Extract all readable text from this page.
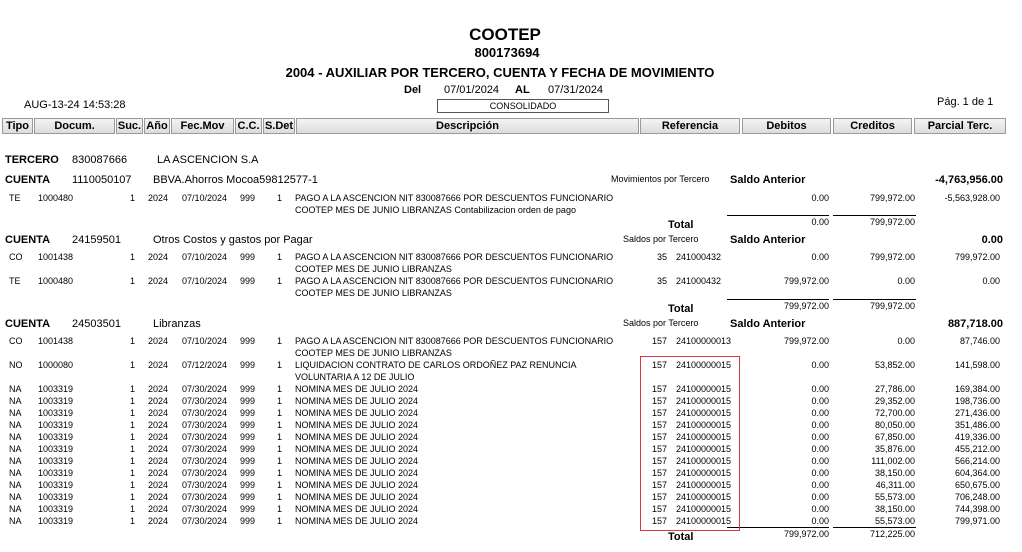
COOTEP
800173694
2004 - AUXILIAR POR TERCERO, CUENTA Y FECHA DE MOVIMIENTO
Del 07/01/2024 AL 07/31/2024
CONSOLIDADO
AUG-13-24 14:53:28	Pág. 1 de 1
Tipo	Docum.	Suc. Año	Fec.Mov	C.C. S.Det	Descripción	Referencia	Debitos	Creditos	Parcial Terc.
TERCERO 830087666	LA ASCENCION S.A
CUENTA 1110050107 BBVA.Ahorros Mocoa59812577-1	Movimientos por Tercero Saldo Anterior	-4,763,956.00
TE 1000480	1 2024 07/10/2024 999 1 PAGO A LA ASCENCION NIT 830087666 POR DESCUENTOS FUNCIONARIO
COOTEP MES DE JUNIO LIBRANZAS Contabilizacion orden de pago
0.00	799,972.00	-5,563,928.00
Total	0.00	799,972.00
CUENTA 24159501	Otros Costos y gastos por Pagar	Saldos por Tercero	Saldo Anterior	0.00
CO 1001438	1 2024 07/10/2024 999 1 PAGO A LA ASCENCION NIT 830087666 POR DESCUENTOS FUNCIONARIO
COOTEP MES DE JUNIO LIBRANZAS
35 241000432	0.00	799,972.00	799,972.00
TE 1000480	1 2024 07/10/2024 999 1 PAGO A LA ASCENCION NIT 830087666 POR DESCUENTOS FUNCIONARIO
COOTEP MES DE JUNIO LIBRANZAS
35 241000432	799,972.00	0.00	0.00
Total	799,972.00	799,972.00
CUENTA 24503501	Libranzas	Saldos por Tercero	Saldo Anterior	887,718.00
CO 1001438	1 2024 07/10/2024 999 1 PAGO A LA ASCENCION NIT 830087666 POR DESCUENTOS FUNCIONARIO
COOTEP MES DE JUNIO LIBRANZAS
157 24100000013	799,972.00	0.00	87,746.00
NO 1000080	1 2024 07/12/2024 999 1 LIQUIDACION CONTRATO DE CARLOS ORDOÑEZ PAZ RENUNCIA
VOLUNTARIA A 12 DE JULIO
157 24100000015	0.00	53,852.00	141,598.00
NA 1003319	1 2024 07/30/2024 999 1 NOMINA MES DE JULIO 2024	157 24100000015	0.00	27,786.00	169,384.00
NA 1003319	1 2024 07/30/2024 999 1 NOMINA MES DE JULIO 2024	157 24100000015	0.00	29,352.00	198,736.00
NA 1003319	1 2024 07/30/2024 999 1 NOMINA MES DE JULIO 2024	157 24100000015	0.00	72,700.00	271,436.00
NA 1003319	1 2024 07/30/2024 999 1 NOMINA MES DE JULIO 2024	157 24100000015	0.00	80,050.00	351,486.00
NA 1003319	1 2024 07/30/2024 999 1 NOMINA MES DE JULIO 2024	157 24100000015	0.00	67,850.00	419,336.00
NA 1003319	1 2024 07/30/2024 999 1 NOMINA MES DE JULIO 2024	157 24100000015	0.00	35,876.00	455,212.00
NA 1003319	1 2024 07/30/2024 999 1 NOMINA MES DE JULIO 2024	157 24100000015	0.00	111,002.00	566,214.00
NA 1003319	1 2024 07/30/2024 999 1 NOMINA MES DE JULIO 2024	157 24100000015	0.00	38,150.00	604,364.00
NA 1003319	1 2024 07/30/2024 999 1 NOMINA MES DE JULIO 2024	157 24100000015	0.00	46,311.00	650,675.00
NA 1003319	1 2024 07/30/2024 999 1 NOMINA MES DE JULIO 2024	157 24100000015	0.00	55,573.00	706,248.00
NA 1003319	1 2024 07/30/2024 999 1 NOMINA MES DE JULIO 2024	157 24100000015	0.00	38,150.00	744,398.00
NA 1003319	1 2024 07/30/2024 999 1 NOMINA MES DE JULIO 2024	157 24100000015	0.00	55,573.00	799,971.00
Total	799,972.00	712,225.00
